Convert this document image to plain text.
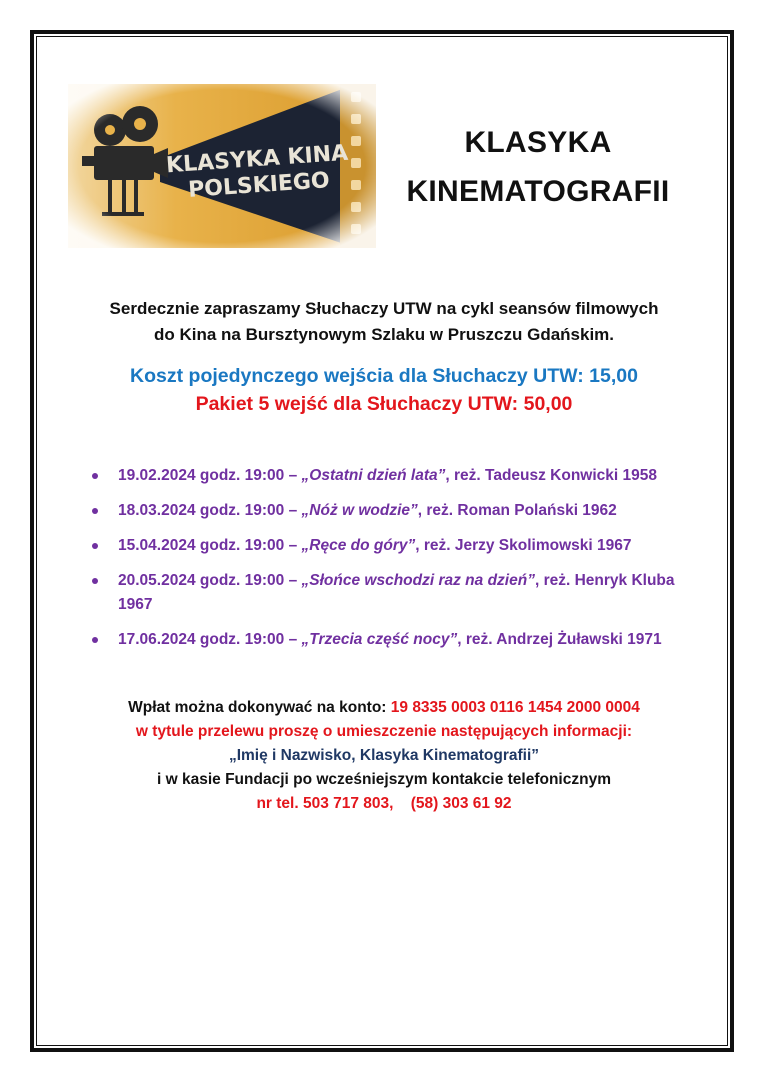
KLASYKA
KINEMATOGRAFII
Serdecznie zapraszamy Słuchaczy UTW na cykl seansów filmowych
do Kina na Bursztynowym Szlaku w Pruszczu Gdańskim.
Koszt pojedynczego wejścia dla Słuchaczy UTW: 15,00
Pakiet 5 wejść dla Słuchaczy UTW: 50,00
19.02.2024 godz. 19:00 – „Ostatni dzień lata”, reż. Tadeusz Konwicki 1958
18.03.2024 godz. 19:00 – „Nóż w wodzie”, reż. Roman Polański 1962
15.04.2024 godz. 19:00 – „Ręce do góry”, reż. Jerzy Skolimowski 1967
20.05.2024 godz. 19:00 – „Słońce wschodzi raz na dzień”, reż. Henryk Kluba 1967
17.06.2024 godz. 19:00 – „Trzecia część nocy”, reż. Andrzej Żuławski 1971
Wpłat można dokonywać na konto: 19 8335 0003 0116 1454 2000 0004
w tytule przelewu proszę o umieszczenie następujących informacji:
„Imię i Nazwisko, Klasyka Kinematografii”
i w kasie Fundacji po wcześniejszym kontakcie telefonicznym
nr tel. 503 717 803,    (58) 303 61 92
